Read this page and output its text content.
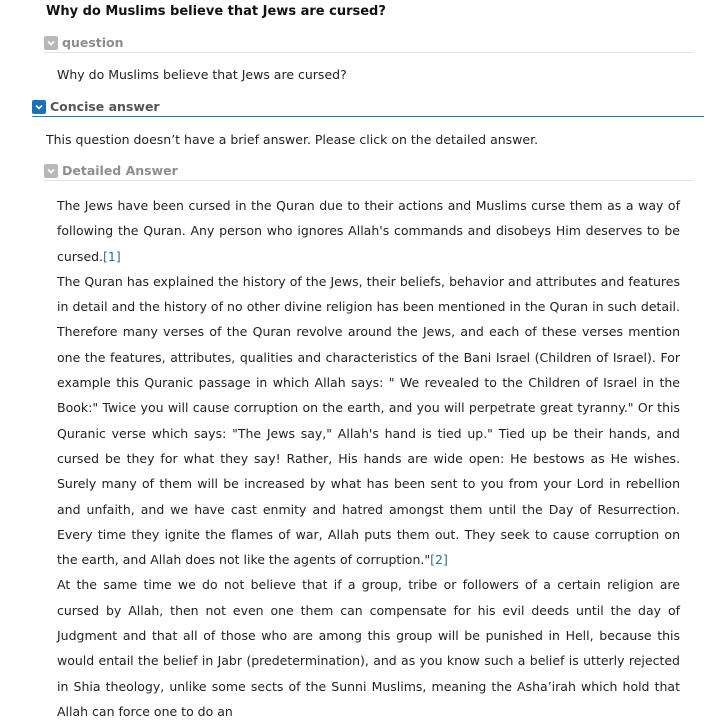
Why do Muslims believe that Jews are cursed?
question
Why do Muslims believe that Jews are cursed?
Concise answer
This question doesn’t have a brief answer. Please click on the detailed answer.
Detailed Answer

The Jews have been cursed in the Quran due to their actions and Muslims curse them as a way of following the Quran. Any person who ignores Allah's commands and disobeys Him deserves to be cursed.[1]

The Quran has explained the history of the Jews, their beliefs, behavior and attributes and features in detail and the history of no other divine religion has been mentioned in the Quran in such detail. Therefore many verses of the Quran revolve around the Jews, and each of these verses mention one the features, attributes, qualities and characteristics of the Bani Israel (Children of Israel). For example this Quranic passage in which Allah says: " We revealed to the Children of Israel in the Book:" Twice you will cause corruption on the earth, and you will perpetrate great tyranny." Or this Quranic verse which says: "The Jews say," Allah's hand is tied up." Tied up be their hands, and cursed be they for what they say! Rather, His hands are wide open: He bestows as He wishes. Surely many of them will be increased by what has been sent to you from your Lord in rebellion and unfaith, and we have cast enmity and hatred amongst them until the Day of Resurrection. Every time they ignite the flames of war, Allah puts them out. They seek to cause corruption on the earth, and Allah does not like the agents of corruption."[2]

At the same time we do not believe that if a group, tribe or followers of a certain religion are cursed by Allah, then not even one them can compensate for his evil deeds until the day of Judgment and that all of those who are among this group will be punished in Hell, because this would entail the belief in Jabr (predetermination), and as you know such a belief is utterly rejected in Shia theology, unlike some sects of the Sunni Muslims, meaning the Asha’irah which hold that Allah can force one to do an
